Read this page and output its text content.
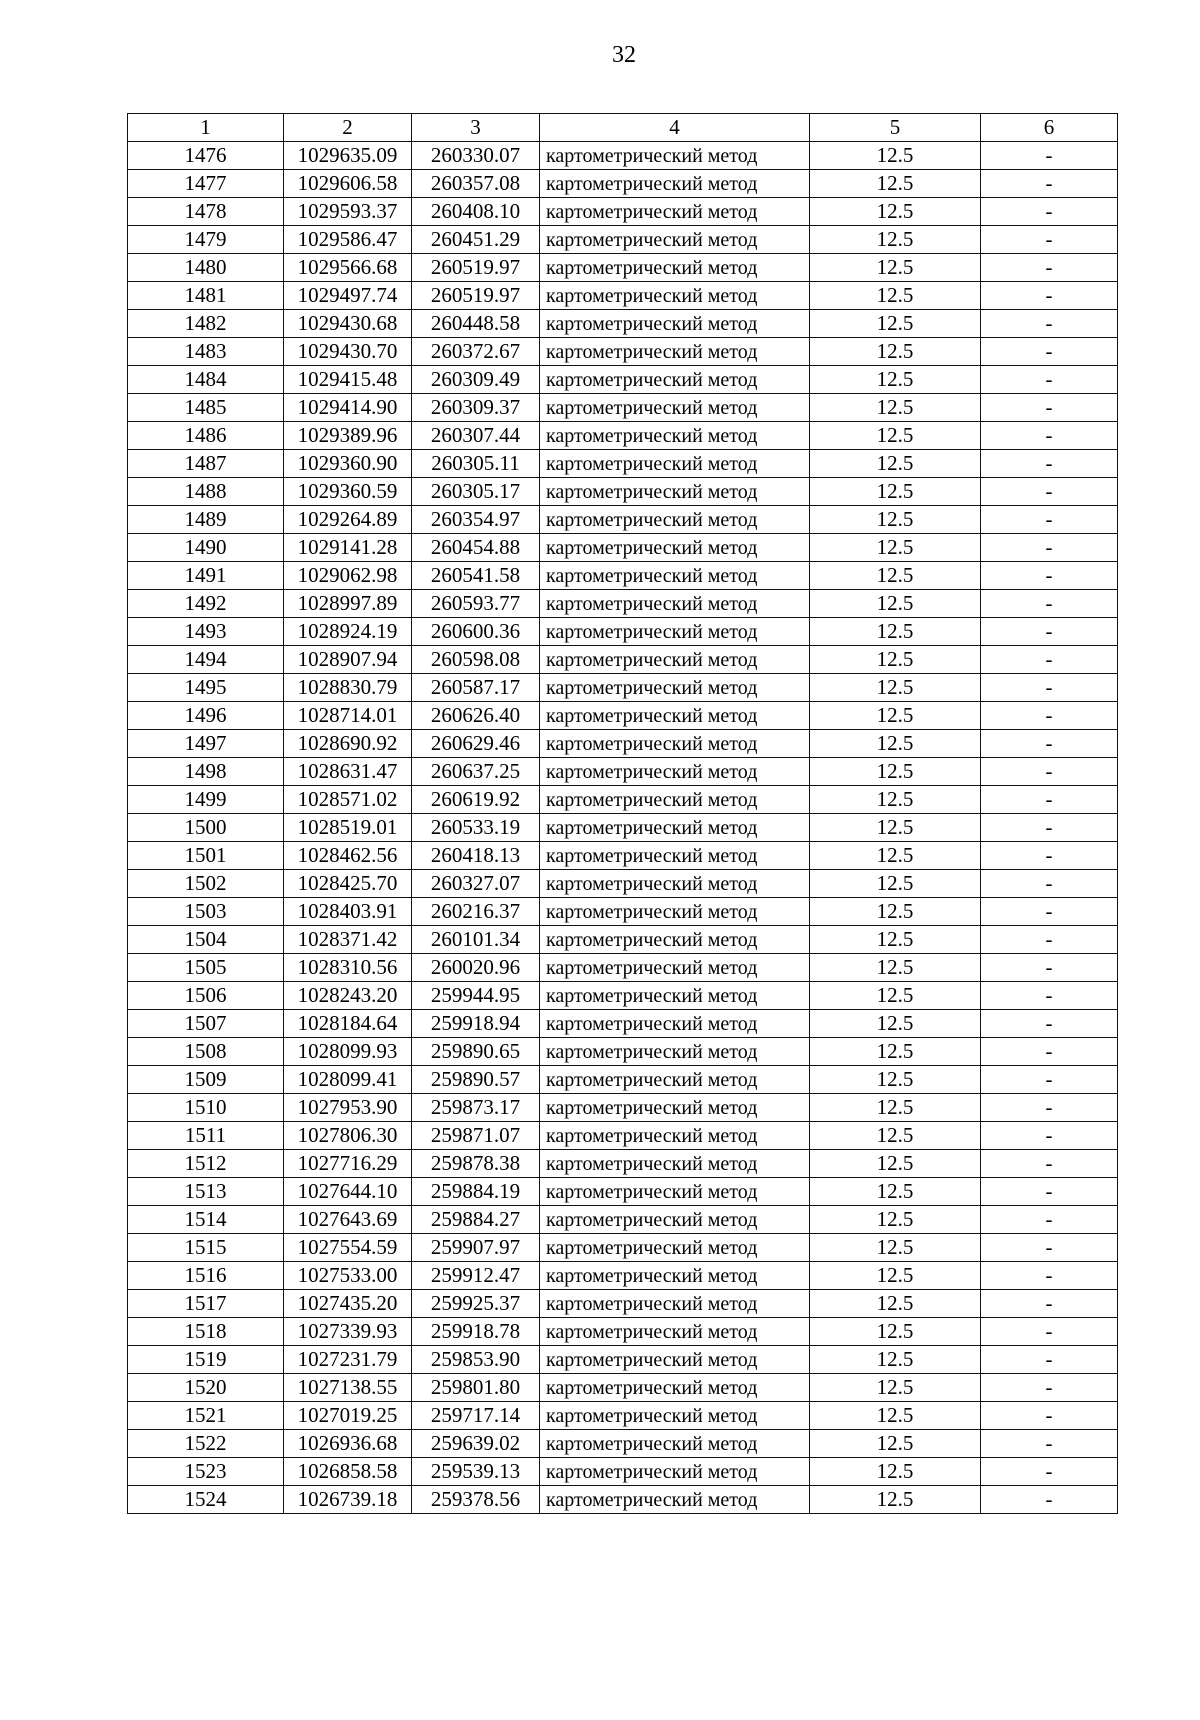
32
1	2	3	4	5	6
1476	1029635.09	260330.07	картометрический метод	12.5	-
1477	1029606.58	260357.08	картометрический метод	12.5	-
1478	1029593.37	260408.10	картометрический метод	12.5	-
1479	1029586.47	260451.29	картометрический метод	12.5	-
1480	1029566.68	260519.97	картометрический метод	12.5	-
1481	1029497.74	260519.97	картометрический метод	12.5	-
1482	1029430.68	260448.58	картометрический метод	12.5	-
1483	1029430.70	260372.67	картометрический метод	12.5	-
1484	1029415.48	260309.49	картометрический метод	12.5	-
1485	1029414.90	260309.37	картометрический метод	12.5	-
1486	1029389.96	260307.44	картометрический метод	12.5	-
1487	1029360.90	260305.11	картометрический метод	12.5	-
1488	1029360.59	260305.17	картометрический метод	12.5	-
1489	1029264.89	260354.97	картометрический метод	12.5	-
1490	1029141.28	260454.88	картометрический метод	12.5	-
1491	1029062.98	260541.58	картометрический метод	12.5	-
1492	1028997.89	260593.77	картометрический метод	12.5	-
1493	1028924.19	260600.36	картометрический метод	12.5	-
1494	1028907.94	260598.08	картометрический метод	12.5	-
1495	1028830.79	260587.17	картометрический метод	12.5	-
1496	1028714.01	260626.40	картометрический метод	12.5	-
1497	1028690.92	260629.46	картометрический метод	12.5	-
1498	1028631.47	260637.25	картометрический метод	12.5	-
1499	1028571.02	260619.92	картометрический метод	12.5	-
1500	1028519.01	260533.19	картометрический метод	12.5	-
1501	1028462.56	260418.13	картометрический метод	12.5	-
1502	1028425.70	260327.07	картометрический метод	12.5	-
1503	1028403.91	260216.37	картометрический метод	12.5	-
1504	1028371.42	260101.34	картометрический метод	12.5	-
1505	1028310.56	260020.96	картометрический метод	12.5	-
1506	1028243.20	259944.95	картометрический метод	12.5	-
1507	1028184.64	259918.94	картометрический метод	12.5	-
1508	1028099.93	259890.65	картометрический метод	12.5	-
1509	1028099.41	259890.57	картометрический метод	12.5	-
1510	1027953.90	259873.17	картометрический метод	12.5	-
1511	1027806.30	259871.07	картометрический метод	12.5	-
1512	1027716.29	259878.38	картометрический метод	12.5	-
1513	1027644.10	259884.19	картометрический метод	12.5	-
1514	1027643.69	259884.27	картометрический метод	12.5	-
1515	1027554.59	259907.97	картометрический метод	12.5	-
1516	1027533.00	259912.47	картометрический метод	12.5	-
1517	1027435.20	259925.37	картометрический метод	12.5	-
1518	1027339.93	259918.78	картометрический метод	12.5	-
1519	1027231.79	259853.90	картометрический метод	12.5	-
1520	1027138.55	259801.80	картометрический метод	12.5	-
1521	1027019.25	259717.14	картометрический метод	12.5	-
1522	1026936.68	259639.02	картометрический метод	12.5	-
1523	1026858.58	259539.13	картометрический метод	12.5	-
1524	1026739.18	259378.56	картометрический метод	12.5	-
